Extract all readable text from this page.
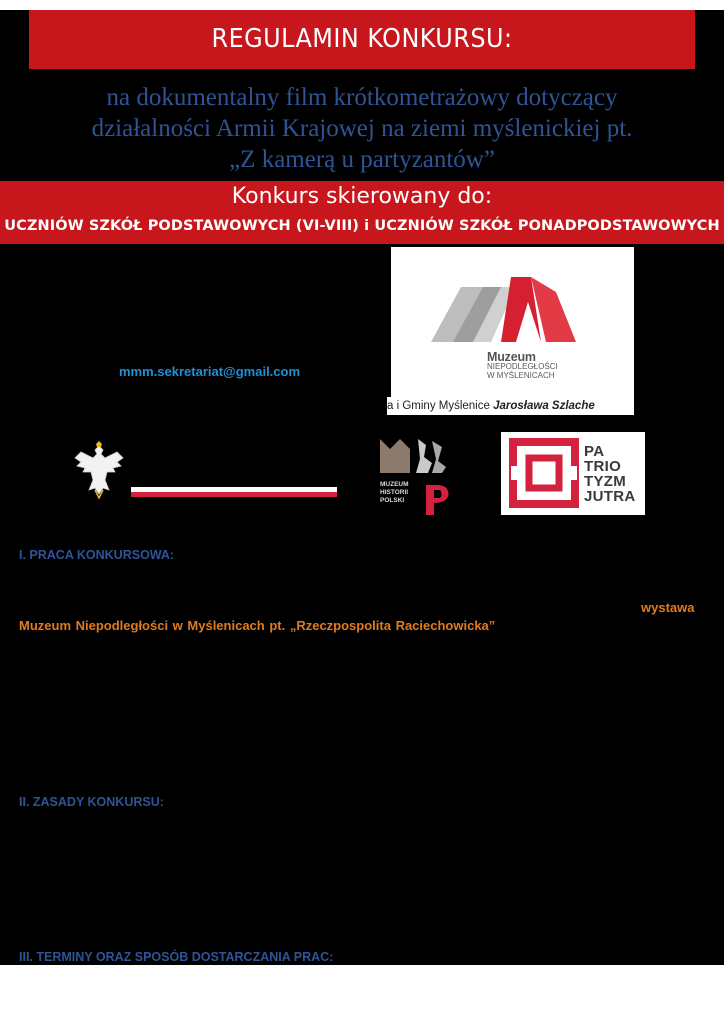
REGULAMIN KONKURSU:
na dokumentalny film krótkometrażowy dotyczący
działalności Armii Krajowej na ziemi myślenickiej pt.
„Z kamerą u partyzantów”
Konkurs skierowany do:
UCZNIÓW SZKÓŁ PODSTAWOWYCH (VI-VIII) i UCZNIÓW SZKÓŁ PONADPODSTAWOWYCH
mmm.sekretariat@gmail.com
Muzeum
NIEPODLEGŁOŚCI
W MYŚLENICACH
a i Gminy Myślenice Jarosława Szlache
MUZEUM
HISTORII
POLSKI
PA
TRIO
TYZM
JUTRA
I. PRACA KONKURSOWA:
wystawa
Muzeum Niepodległości w Myślenicach pt. „Rzeczpospolita Raciechowicka”
II. ZASADY KONKURSU:
III. TERMINY ORAZ SPOSÓB DOSTARCZANIA PRAC:
